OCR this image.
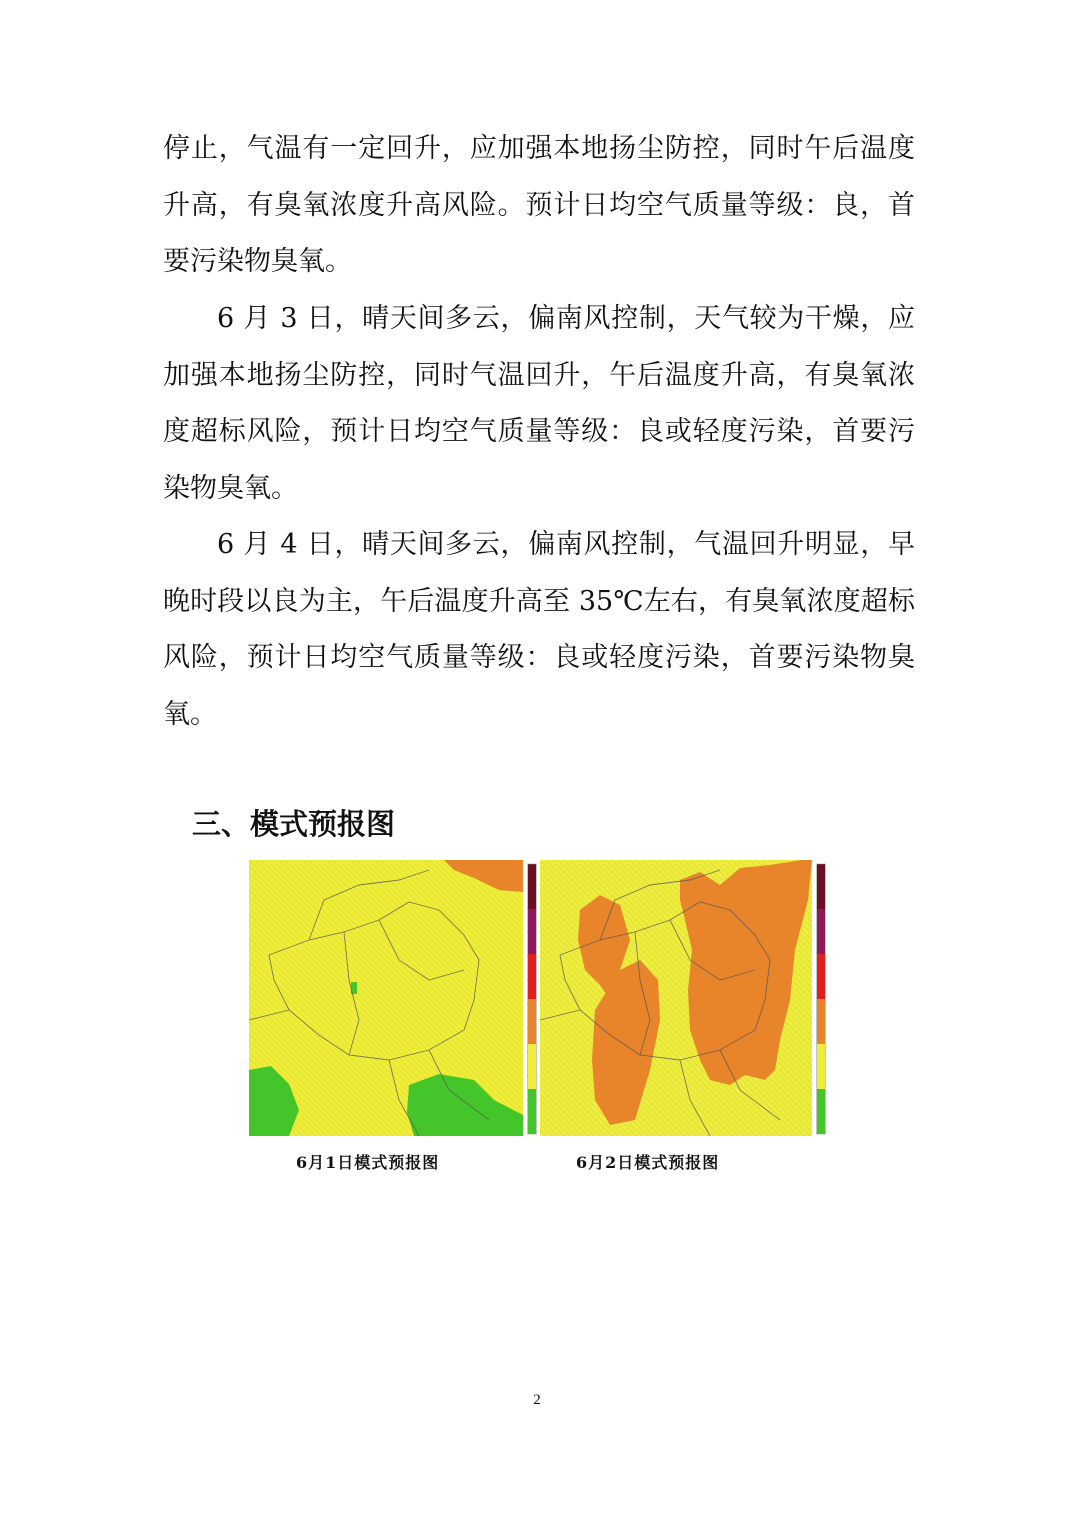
停止，气温有一定回升，应加强本地扬尘防控，同时午后温度升高，有臭氧浓度升高风险。预计日均空气质量等级：良，首要污染物臭氧。

6 月 3 日，晴天间多云，偏南风控制，天气较为干燥，应加强本地扬尘防控，同时气温回升，午后温度升高，有臭氧浓度超标风险，预计日均空气质量等级：良或轻度污染，首要污染物臭氧。

6 月 4 日，晴天间多云，偏南风控制，气温回升明显，早晚时段以良为主，午后温度升高至 35℃左右，有臭氧浓度超标风险，预计日均空气质量等级：良或轻度污染，首要污染物臭氧。

三、模式预报图

6月1日模式预报图	6月2日模式预报图

2
